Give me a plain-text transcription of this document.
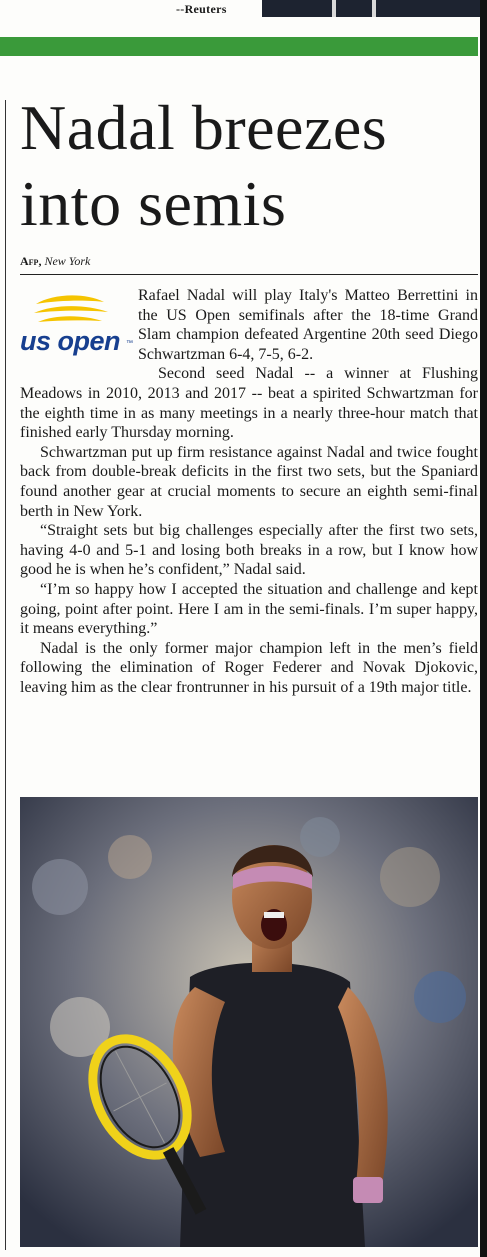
--Reuters
Nadal breezes into semis
Afp, New York
us open ™

Rafael Nadal will play Italy's Matteo Berrettini in the US Open semifinals after the 18-time Grand Slam champion defeated Argentine 20th seed Diego Schwartzman 6-4, 7-5, 6-2.

Second seed Nadal -- a winner at Flushing Meadows in 2010, 2013 and 2017 -- beat a spirited Schwartzman for the eighth time in as many meetings in a nearly three-hour match that finished early Thursday morning.

Schwartzman put up firm resistance against Nadal and twice fought back from double-break deficits in the first two sets, but the Spaniard found another gear at crucial moments to secure an eighth semi-final berth in New York.

“Straight sets but big challenges especially after the first two sets, having 4-0 and 5-1 and losing both breaks in a row, but I know how good he is when he’s confident,” Nadal said.

“I’m so happy how I accepted the situation and challenge and kept going, point after point. Here I am in the semi-finals. I’m super happy, it means everything.”

Nadal is the only former major champion left in the men’s field following the elimination of Roger Federer and Novak Djokovic, leaving him as the clear frontrunner in his pursuit of a 19th major title.
